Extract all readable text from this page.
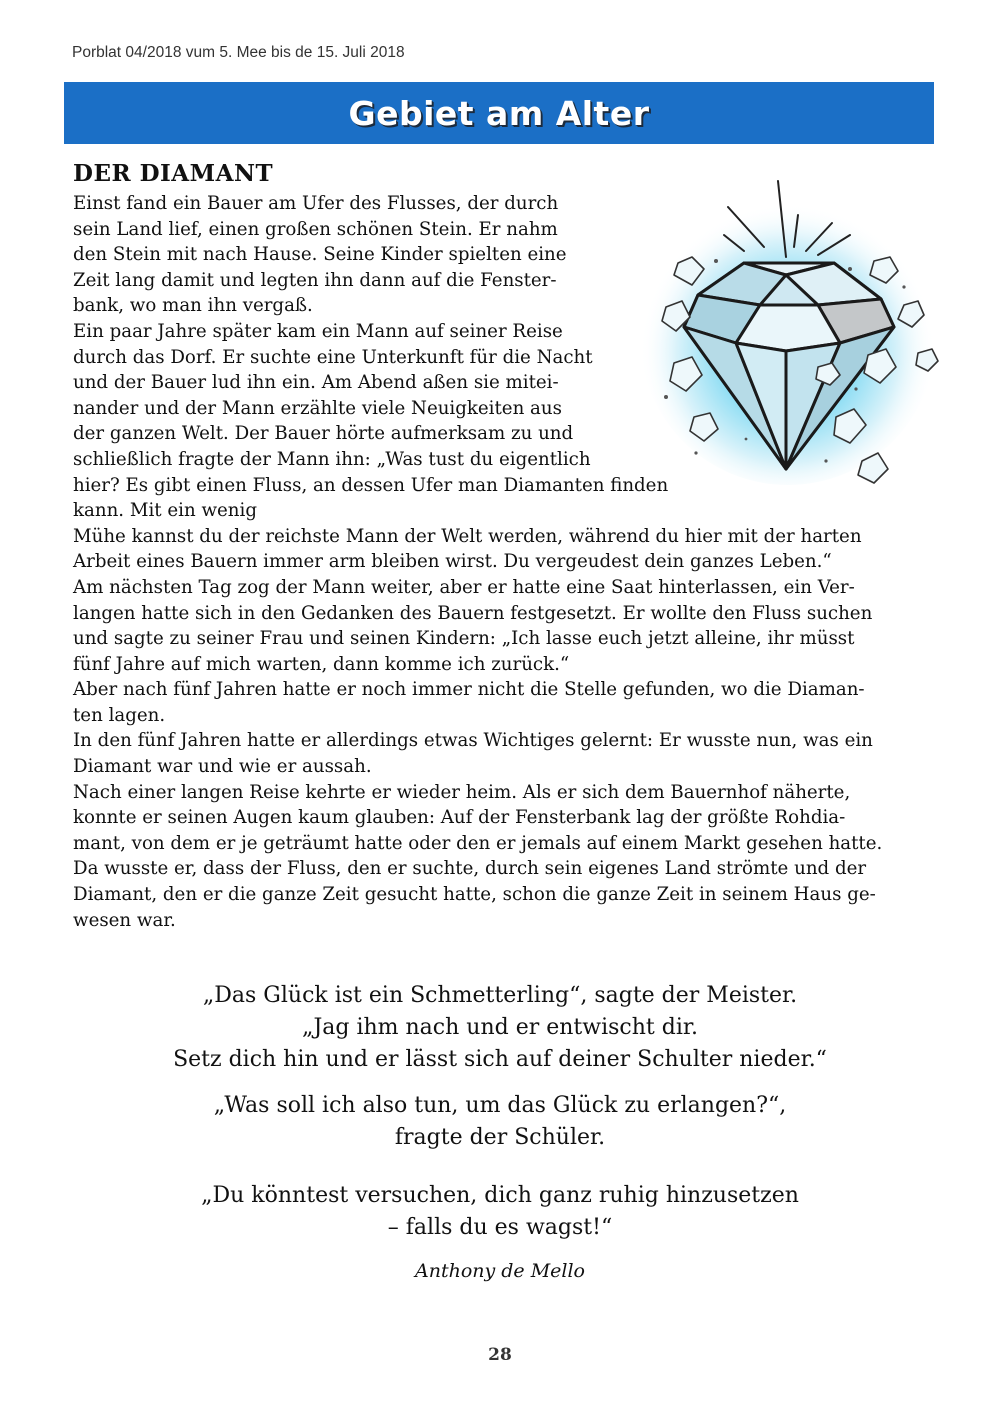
Porblat 04/2018 vum 5. Mee bis de 15. Juli 2018
Gebiet am Alter
DER DIAMANT

Einst fand ein Bauer am Ufer des Flusses, der durch
sein Land lief, einen großen schönen Stein. Er nahm
den Stein mit nach Hause. Seine Kinder spielten eine
Zeit lang damit und legten ihn dann auf die Fenster-
bank, wo man ihn vergaß.
Ein paar Jahre später kam ein Mann auf seiner Reise
durch das Dorf. Er suchte eine Unterkunft für die Nacht
und der Bauer lud ihn ein. Am Abend aßen sie mitei-
nander und der Mann erzählte viele Neuigkeiten aus
der ganzen Welt. Der Bauer hörte aufmerksam zu und
schließlich fragte der Mann ihn: „Was tust du eigentlich
hier? Es gibt einen Fluss, an dessen Ufer man Diamanten finden kann. Mit ein wenig
Mühe kannst du der reichste Mann der Welt werden, während du hier mit der harten
Arbeit eines Bauern immer arm bleiben wirst. Du vergeudest dein ganzes Leben.“
Am nächsten Tag zog der Mann weiter, aber er hatte eine Saat hinterlassen, ein Ver-
langen hatte sich in den Gedanken des Bauern festgesetzt. Er wollte den Fluss suchen
und sagte zu seiner Frau und seinen Kindern: „Ich lasse euch jetzt alleine, ihr müsst
fünf Jahre auf mich warten, dann komme ich zurück.“
Aber nach fünf Jahren hatte er noch immer nicht die Stelle gefunden, wo die Diaman-
ten lagen.
In den fünf Jahren hatte er allerdings etwas Wichtiges gelernt: Er wusste nun, was ein
Diamant war und wie er aussah.
Nach einer langen Reise kehrte er wieder heim. Als er sich dem Bauernhof näherte,
konnte er seinen Augen kaum glauben: Auf der Fensterbank lag der größte Rohdia-
mant, von dem er je geträumt hatte oder den er jemals auf einem Markt gesehen hatte.
Da wusste er, dass der Fluss, den er suchte, durch sein eigenes Land strömte und der
Diamant, den er die ganze Zeit gesucht hatte, schon die ganze Zeit in seinem Haus ge-
wesen war.

„Das Glück ist ein Schmetterling“, sagte der Meister.
„Jag ihm nach und er entwischt dir.
Setz dich hin und er lässt sich auf deiner Schulter nieder.“

„Was soll ich also tun, um das Glück zu erlangen?“,
fragte der Schüler.

„Du könntest versuchen, dich ganz ruhig hinzusetzen
– falls du es wagst!“

Anthony de Mello

28
